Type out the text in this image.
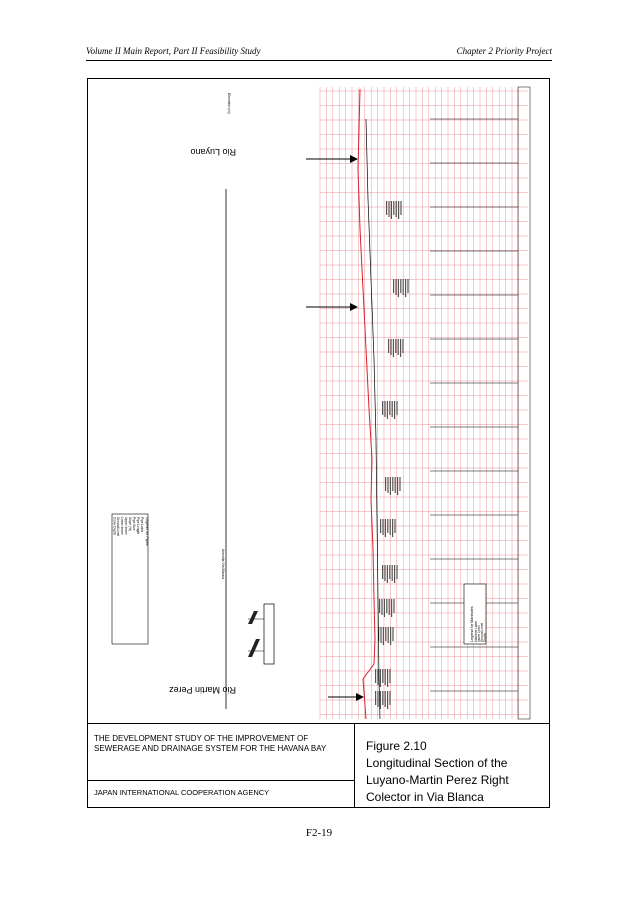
Volume II Main Report, Part II Feasibility Study	Chapter 2 Priority Project
Avenida Via Blanca
Rio Luyano
Rio Martin Perez
Elevation (m)
Legend for Pipes
Pipe Label
Pipe Length
Pipe Size
Slope (%)
Upper Invert
Lower Invert
Ground Level
Cover Depth
Legend for Manholes Manhole Label Invert Level Ground Level Depth
THE DEVELOPMENT STUDY OF THE IMPROVEMENT OF SEWERAGE AND DRAINAGE SYSTEM FOR THE HAVANA BAY
JAPAN INTERNATIONAL COOPERATION AGENCY
Figure 2.10
Longitudinal Section of the Luyano-Martin Perez Right Colector in Via Blanca
F2-19
